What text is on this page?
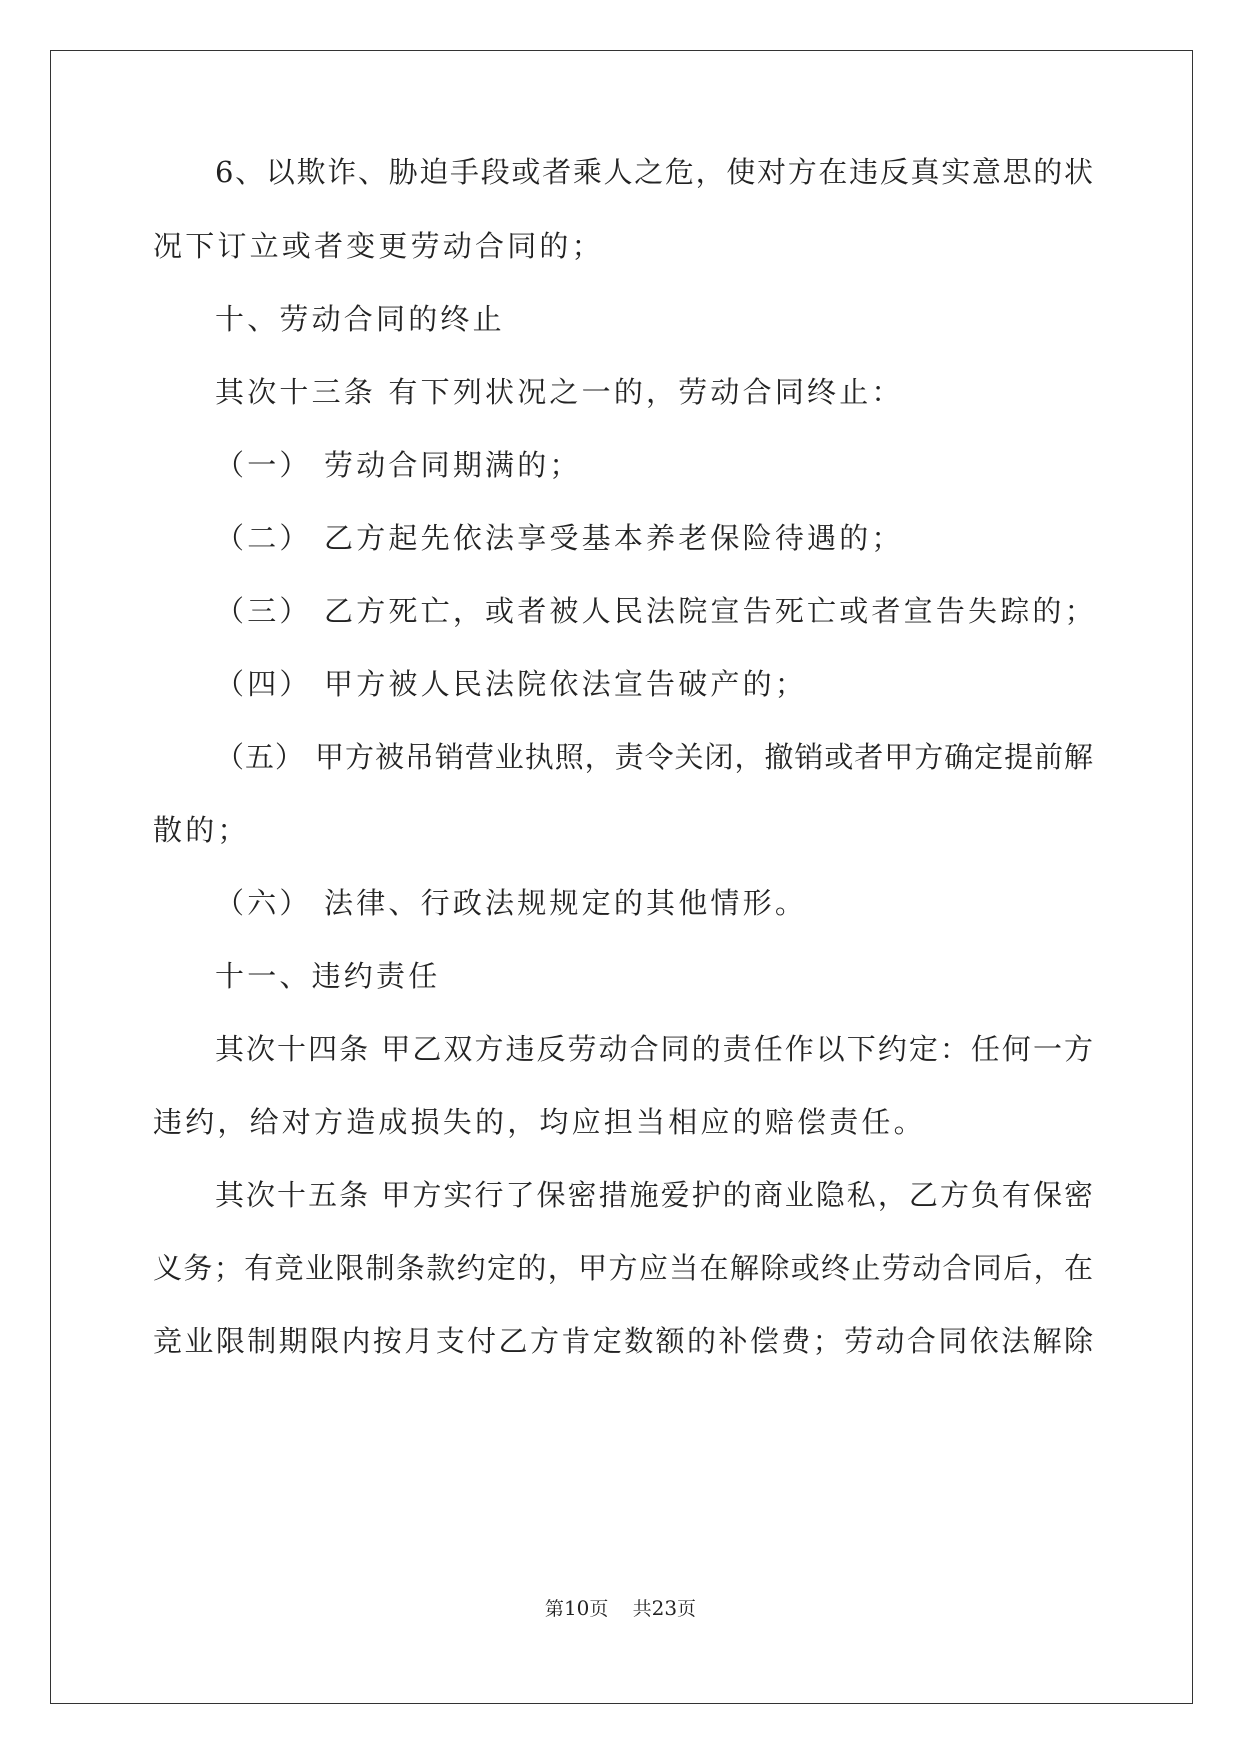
6、以欺诈、胁迫手段或者乘人之危，使对方在违反真实意思的状
况下订立或者变更劳动合同的；
十、劳动合同的终止
其次十三条 有下列状况之一的，劳动合同终止：
（一） 劳动合同期满的；
（二） 乙方起先依法享受基本养老保险待遇的；
（三） 乙方死亡，或者被人民法院宣告死亡或者宣告失踪的；
（四） 甲方被人民法院依法宣告破产的；
（五） 甲方被吊销营业执照，责令关闭，撤销或者甲方确定提前解
散的；
（六） 法律、行政法规规定的其他情形。
十一、违约责任
其次十四条 甲乙双方违反劳动合同的责任作以下约定：任何一方
违约，给对方造成损失的，均应担当相应的赔偿责任。
其次十五条 甲方实行了保密措施爱护的商业隐私，乙方负有保密
义务；有竞业限制条款约定的，甲方应当在解除或终止劳动合同后，在
竞业限制期限内按月支付乙方肯定数额的补偿费；劳动合同依法解除
第10页 共23页
